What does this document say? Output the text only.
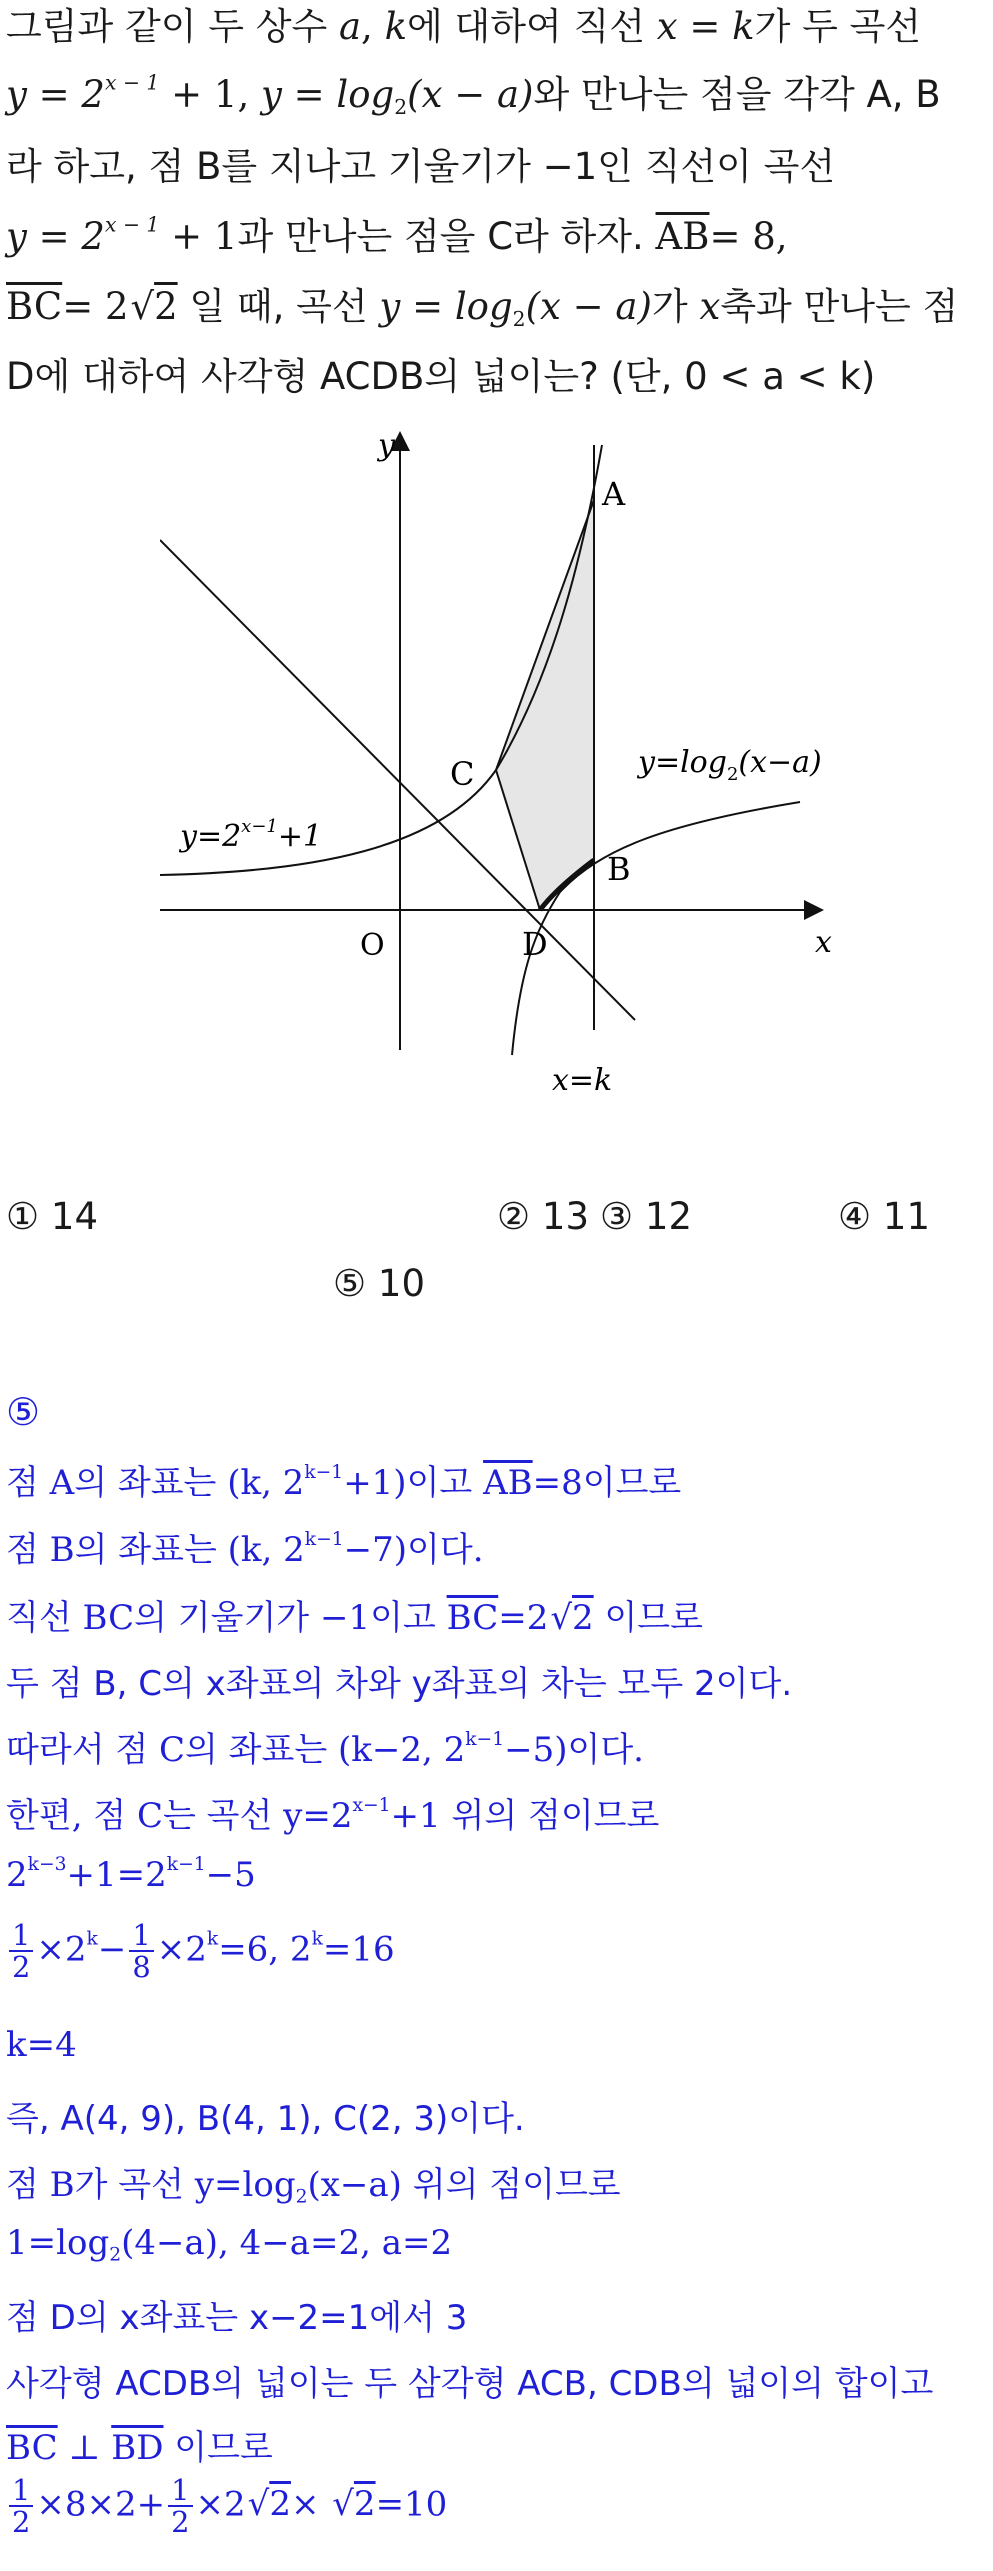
그림과 같이 두 상수 a, k에 대하여 직선 x = k가 두 곡선
$y = 2^{x - 1} + 1$, $y = \log_2(x - a)$와 만나는 점을 각각 A, B
라 하고, 점 B를 지나고 기울기가 −1인 직선이 곡선
$y = 2^{x - 1} + 1$과 만나는 점을 C라 하자. $\overline{AB}= 8$,
$\overline{BC}= 2√2$ 일 때, 곡선 $y = \log_2(x - a)$가 x축과 만나는 점
D에 대하여 사각형 ACDB의 넓이는? (단, 0 < a < k)
y
x
O
A
B
C
D
$y=2^{x-1}+1$
$y=\log_2(x-a)$
x=k
① 14	② 13 ③ 12	④ 11
⑤ 10
⑤
점 A의 좌표는 (k, $2^{k-1}+1$)이고 $\overline{AB}=8$이므로
점 B의 좌표는 (k, $2^{k-1}-7$)이다.
직선 BC의 기울기가 −1이고 $\overline{BC}=2√2$ 이므로
두 점 B, C의 x좌표의 차와 y좌표의 차는 모두 2이다.
따라서 점 C의 좌표는 (k−2, $2^{k-1}-5$)이다.
한편, 점 C는 곡선 $y=2^{x-1}+1$ 위의 점이므로
$2^{k-3}+1=2^{k-1}-5$
$\frac{1}{2} \times 2^k- \frac{1}{8} \times 2^k=6$, $2^k=16$
k=4
즉, A(4, 9), B(4, 1), C(2, 3)이다.
점 B가 곡선 $y=\log_2(x-a)$ 위의 점이므로
$1=\log_2(4-a)$, 4−a=2, a=2
점 D의 x좌표는 x−2=1에서 3
사각형 ACDB의 넓이는 두 삼각형 ACB, CDB의 넓이의 합이고
$\overline{BC}$ ⊥ $\overline{BD}$ 이므로
$\frac{1}{2} \times 8\times 2+ \frac{1}{2} \times 2√2\times √2=10$
